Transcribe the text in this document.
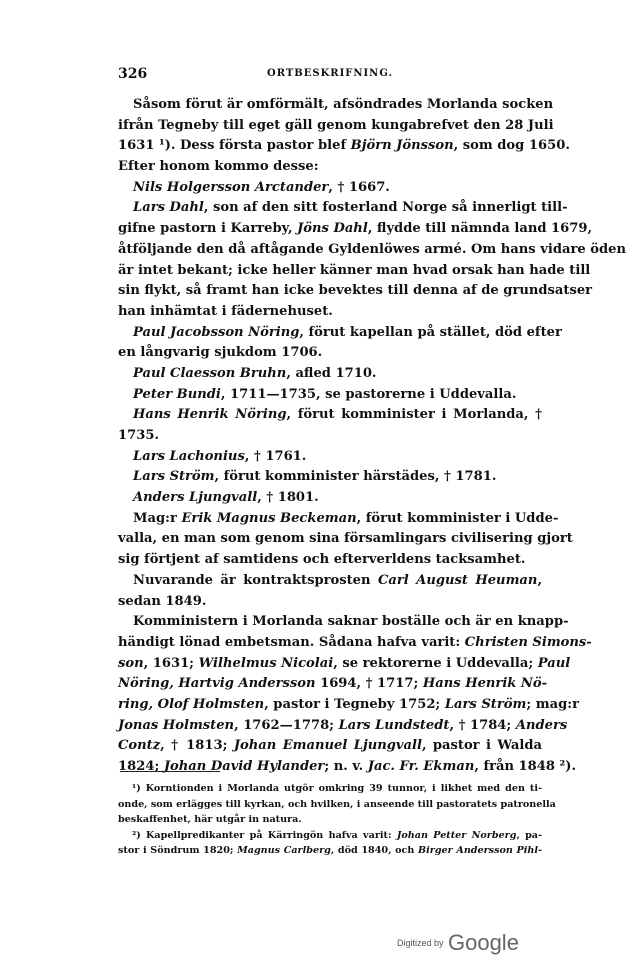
326	ORTBESKRIFNING.
Såsom förut är omförmält, afsöndrades Morlanda socken
ifrån Tegneby till eget gäll genom kungabrefvet den 28 Juli
1631 ¹). Dess första pastor blef Björn Jönsson, som dog 1650.
Efter honom kommo desse:
Nils Holgersson Arctander, † 1667.
Lars Dahl, son af den sitt fosterland Norge så innerligt till-
gifne pastorn i Karreby, Jöns Dahl, flydde till nämnda land 1679,
åtföljande den då aftågande Gyldenlöwes armé. Om hans vidare öden
är intet bekant; icke heller känner man hvad orsak han hade till
sin flykt, så framt han icke bevektes till denna af de grundsatser
han inhämtat i fädernehuset.
Paul Jacobsson Nöring, förut kapellan på stället, död efter
en långvarig sjukdom 1706.
Paul Claesson Bruhn, afled 1710.
Peter Bundi, 1711—1735, se pastorerne i Uddevalla.
Hans Henrik Nöring, förut komminister i Morlanda, †
1735.
Lars Lachonius, † 1761.
Lars Ström, förut komminister härstädes, † 1781.
Anders Ljungvall, † 1801.
Mag:r Erik Magnus Beckeman, förut komminister i Udde-
valla, en man som genom sina församlingars civilisering gjort
sig förtjent af samtidens och efterverldens tacksamhet.
Nuvarande är kontraktsprosten Carl August Heuman,
sedan 1849.
Komministern i Morlanda saknar boställe och är en knapp-
händigt lönad embetsman. Sådana hafva varit: Christen Simons-
son, 1631; Wilhelmus Nicolai, se rektorerne i Uddevalla; Paul
Nöring, Hartvig Andersson 1694, † 1717; Hans Henrik Nö-
ring, Olof Holmsten, pastor i Tegneby 1752; Lars Ström; mag:r
Jonas Holmsten, 1762—1778; Lars Lundstedt, † 1784; Anders
Contz, † 1813; Johan Emanuel Ljungvall, pastor i Walda
1824; Johan David Hylander; n. v. Jac. Fr. Ekman, från 1848 ²).
¹) Kornti​onden i Morlanda utgör omkring 39 tunnor, i likhet med den ti-
onde, som erlägges till kyrkan, och hvilken, i anseende till pastoratets patronella
beskaffenhet, här utgår in natura.
²) Kapellpredikanter på Kärringön hafva varit: Johan Petter Norberg, pa-
stor i Söndrum 1820; Magnus Carlberg, död 1840, och Birger Andersson Pihl-
Digitized by Google
